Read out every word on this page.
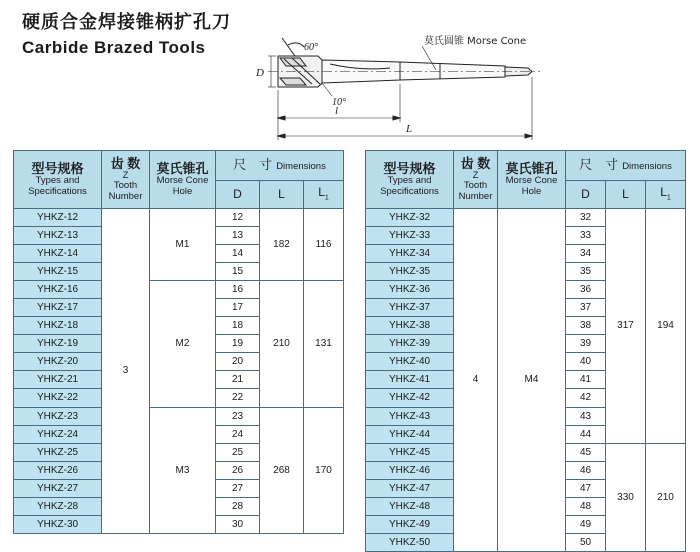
硬质合金焊接锥柄扩孔刀
Carbide Brazed Tools	60°
10°
D
l
L
莫氏圆锥 Morse Cone
型号规格
Types and
Specifications	齿 数
Z
Tooth
Number	莫氏锥孔
Morse Cone
Hole	尺　寸 Dimensions		
			D	L	$L_1$
YHKZ-12	3	M1	12	182	116
YHKZ-13			13		
YHKZ-14			14		
YHKZ-15			15		
YHKZ-16		M2	16	210	131
YHKZ-17			17		
YHKZ-18			18		
YHKZ-19			19		
YHKZ-20			20		
YHKZ-21			21		
YHKZ-22			22		
YHKZ-23		M3	23	268	170
YHKZ-24			24		
YHKZ-25			25		
YHKZ-26			26		
YHKZ-27			27		
YHKZ-28			28		
YHKZ-30			30		
型号规格
Types and
Specifications	齿 数
Z
Tooth
Number	莫氏锥孔
Morse Cone
Hole	尺　寸 Dimensions		
			D	L	$L_1$
YHKZ-32	4	M4	32	317	194
YHKZ-33			33		
YHKZ-34			34		
YHKZ-35			35		
YHKZ-36			36		
YHKZ-37			37		
YHKZ-38			38		
YHKZ-39			39		
YHKZ-40			40		
YHKZ-41			41		
YHKZ-42			42		
YHKZ-43			43		
YHKZ-44			44		
YHKZ-45			45	330	210
YHKZ-46			46		
YHKZ-47			47		
YHKZ-48			48		
YHKZ-49			49		
YHKZ-50			50		
